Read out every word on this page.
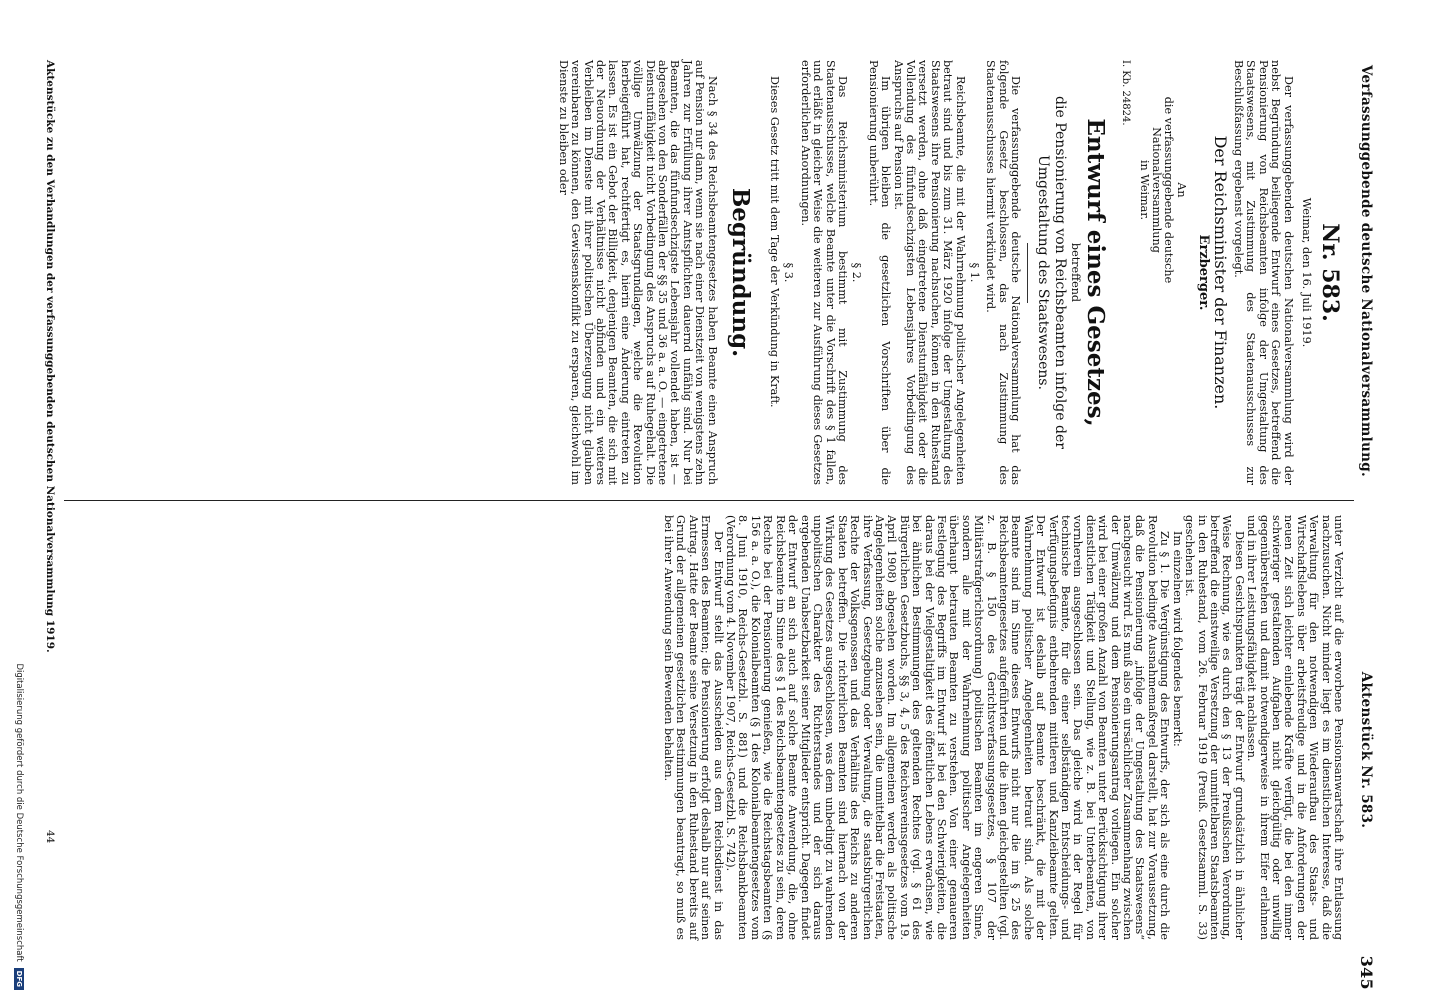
Verfassunggebende deutsche Nationalversammlung.
Aktenstück Nr. 583.
345
Nr. 583.
Weimar, den 16. Juli 1919.

Der verfassunggebenden deutschen Nationalversammlung wird der nebst Begründung beiliegende Entwurf eines Gesetzes, betreffend die Pensionierung von Reichsbeamten infolge der Umgestaltung des Staatswesens, mit Zustimmung des Staatenausschusses zur Beschlußfassung ergebenst vorgelegt.

Der Reichsminister der Finanzen.
Erzberger.
An
die verfassunggebende deutsche Nationalversammlung
in Weimar.
I. Kb. 24824.
Entwurf eines Gesetzes,
betreffend
die Pensionierung von Reichsbeamten infolge der Umgestaltung des Staatswesens.

Die verfassunggebende deutsche Nationalversammlung hat das folgende Gesetz beschlossen, das nach Zustimmung des Staatenausschusses hiermit verkündet wird.

§ 1.

Reichsbeamte, die mit der Wahrnehmung politischer Angelegenheiten betraut sind und bis zum 31. März 1920 infolge der Umgestaltung des Staatswesens ihre Pensionierung nachsuchen, können in den Ruhestand versetzt werden, ohne daß eingetretene Dienstunfähigkeit oder die Vollendung des fünfundsechzigsten Lebensjahres Vorbedingung des Anspruchs auf Pension ist.

Im übrigen bleiben die gesetzlichen Vorschriften über die Pensionierung unberührt.

§ 2.

Das Reichsministerium bestimmt mit Zustimmung des Staatenausschusses, welche Beamte unter die Vorschrift des § 1 fallen, und erläßt in gleicher Weise die weiteren zur Ausführung dieses Gesetzes erforderlichen Anordnungen.

§ 3.

Dieses Gesetz tritt mit dem Tage der Verkündung in Kraft.

Begründung.

Nach § 34 des Reichsbeamtengesetzes haben Beamte einen Anspruch auf Pension nur dann, wenn sie nach einer Dienstzeit von wenigstens zehn Jahren zur Erfüllung ihrer Amtspflichten dauernd unfähig sind. Nur bei Beamten, die das fünfundsechzigste Lebensjahr vollendet haben, ist — abgesehen von den Sonderfällen der §§ 35 und 36 a. a. O. — eingetretene Dienstunfähigkeit nicht Vorbedingung des Anspruchs auf Ruhegehalt. Die völlige Umwälzung der Staatsgrundlagen, welche die Revolution herbeigeführt hat, rechtfertigt es, hierin eine Änderung eintreten zu lassen. Es ist ein Gebot der Billigkeit, denjenigen Beamten, die sich mit der Neuordnung der Verhältnisse nicht abfinden und ein weiteres Verbleiben im Dienste mit ihrer politischen Überzeugung nicht glauben vereinbaren zu können, den Gewissenskonflikt zu ersparen, gleichwohl im Dienste zu bleiben oder

unter Verzicht auf die erworbene Pensionsanwartschaft ihre Entlassung nachzusuchen. Nicht minder liegt es im dienstlichen Interesse, daß die Verwaltung für den notwendigen Wiederaufbau des Staats- und Wirtschaftslebens über arbeitsfreudige und in die Anforderungen der neuen Zeit sich leichter einlebende Kräfte verfügt, die bei den immer schwieriger gestaltenden Aufgaben nicht gleichgültig oder unwillig gegenüberstehen und damit notwendigerweise in ihrem Eifer erlahmen und in ihrer Leistungsfähigkeit nachlassen.

Diesen Gesichtspunkten trägt der Entwurf grundsätzlich in ähnlicher Weise Rechnung, wie es durch den § 13 der Preußischen Verordnung, betreffend die einstweilige Versetzung der unmittelbaren Staatsbeamten in den Ruhestand, vom 26. Februar 1919 (Preuß. Gesetzsamml. S. 33) geschehen ist.

Im einzelnen wird folgendes bemerkt:

Zu § 1. Die Vergünstigung des Entwurfs, der sich als eine durch die Revolution bedingte Ausnahmemaßregel darstellt, hat zur Voraussetzung, daß die Pensionierung „infolge der Umgestaltung des Staatswesens“ nachgesucht wird. Es muß also ein ursächlicher Zusammenhang zwischen der Umwälzung und dem Pensionierungsantrag vorliegen. Ein solcher wird bei einer großen Anzahl von Beamten unter Berücksichtigung ihrer dienstlichen Tätigkeit und Stellung, wie z. B. bei Unterbeamten, von vornherein ausgeschlossen sein. Das gleiche wird in der Regel für technische Beamte, für die einer selbständigen Entscheidungs- und Verfügungsbefugnis entbehrenden mittleren und Kanzleibeamte gelten. Der Entwurf ist deshalb auf Beamte beschränkt, die mit der Wahrnehmung politischer Angelegenheiten betraut sind. Als solche Beamte sind im Sinne dieses Entwurfs nicht nur die im § 25 des Reichsbeamtengesetzes aufgeführten und die ihnen gleichgestellten (vgl. z. B. § 150 des Gerichtsverfassungsgesetzes, § 107 der Militärstrafgerichtsordnung) politischen Beamten im engeren Sinne, sondern alle mit der Wahrnehmung politischer Angelegenheiten überhaupt betrauten Beamten zu verstehen. Von einer genaueren Festlegung des Begriffs im Entwurf ist bei den Schwierigkeiten, die daraus bei der Vielgestaltigkeit des öffentlichen Lebens erwachsen, wie bei ähnlichen Bestimmungen des geltenden Rechtes (vgl. § 61 des Bürgerlichen Gesetzbuchs, §§ 3, 4, 5 des Reichsvereinsgesetzes vom 19. April 1908) abgesehen worden. Im allgemeinen werden als politische Angelegenheiten solche anzusehen sein, die unmittelbar die Freistaaten, ihre Verfassung, Gesetzgebung oder Verwaltung, die staatsbürgerlichen Rechte der Volksgenossen und das Verhältnis des Reichs zu anderen Staaten betreffen. Die richterlichen Beamten sind hiernach von der Wirkung des Gesetzes ausgeschlossen, was dem unbedingt zu wahrenden unpolitischen Charakter des Richterstandes und der sich daraus ergebenden Unabsetzbarkeit seiner Mitglieder entspricht. Dagegen findet der Entwurf an sich auch auf solche Beamte Anwendung, die, ohne Reichsbeamte im Sinne des § 1 des Reichsbeamtengesetzes zu sein, deren Rechte bei der Pensionierung genießen, wie die Reichstagsbeamten (§ 156 a. a. O.), die Kolonialbeamten (§ 1 des Kolonialbeamtengesetzes vom 8. Juni 1910, Reichs-Gesetzbl. S. 881) und die Reichsbankbeamten (Verordnung vom 4. November 1907, Reichs-Gesetzbl. S. 742).

Der Entwurf stellt das Ausscheiden aus dem Reichsdienst in das Ermessen des Beamten; die Pensionierung erfolgt deshalb nur auf seinen Antrag. Hatte der Beamte seine Versetzung in den Ruhestand bereits auf Grund der allgemeinen gesetzlichen Bestimmungen beantragt, so muß es bei ihrer Anwendung sein Bewenden behalten.

Aktenstücke zu den Verhandlungen der verfassunggebenden deutschen Nationalversammlung 1919.
44
Digitalisierung gefördert durch die Deutsche Forschungsgemeinschaft
DFG
